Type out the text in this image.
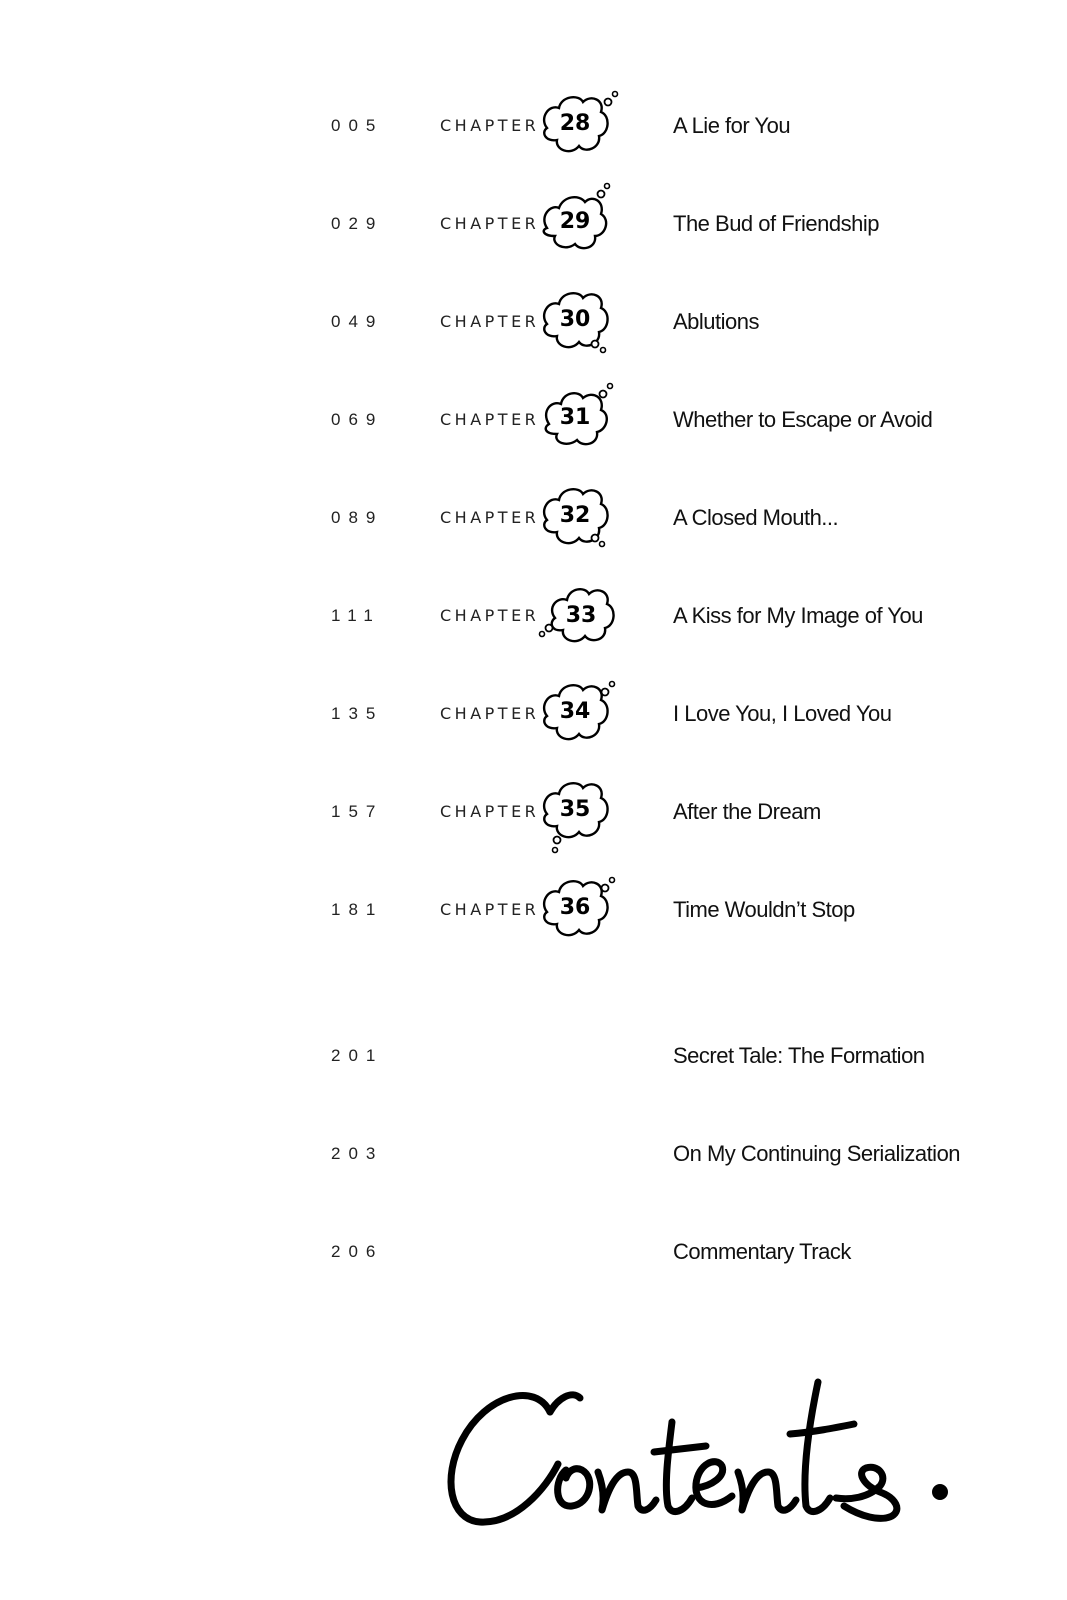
005	CHAPTER 28	A Lie for You
029	CHAPTER 29	The Bud of Friendship
049	CHAPTER 30	Ablutions
069	CHAPTER 31	Whether to Escape or Avoid
089	CHAPTER 32	A Closed Mouth...
111	CHAPTER 33	A Kiss for My Image of You
135	CHAPTER 34	I Love You, I Loved You
157	CHAPTER 35	After the Dream
181	CHAPTER 36	Time Wouldn’t Stop
201	Secret Tale: The Formation
203	On My Continuing Serialization
206	Commentary Track
